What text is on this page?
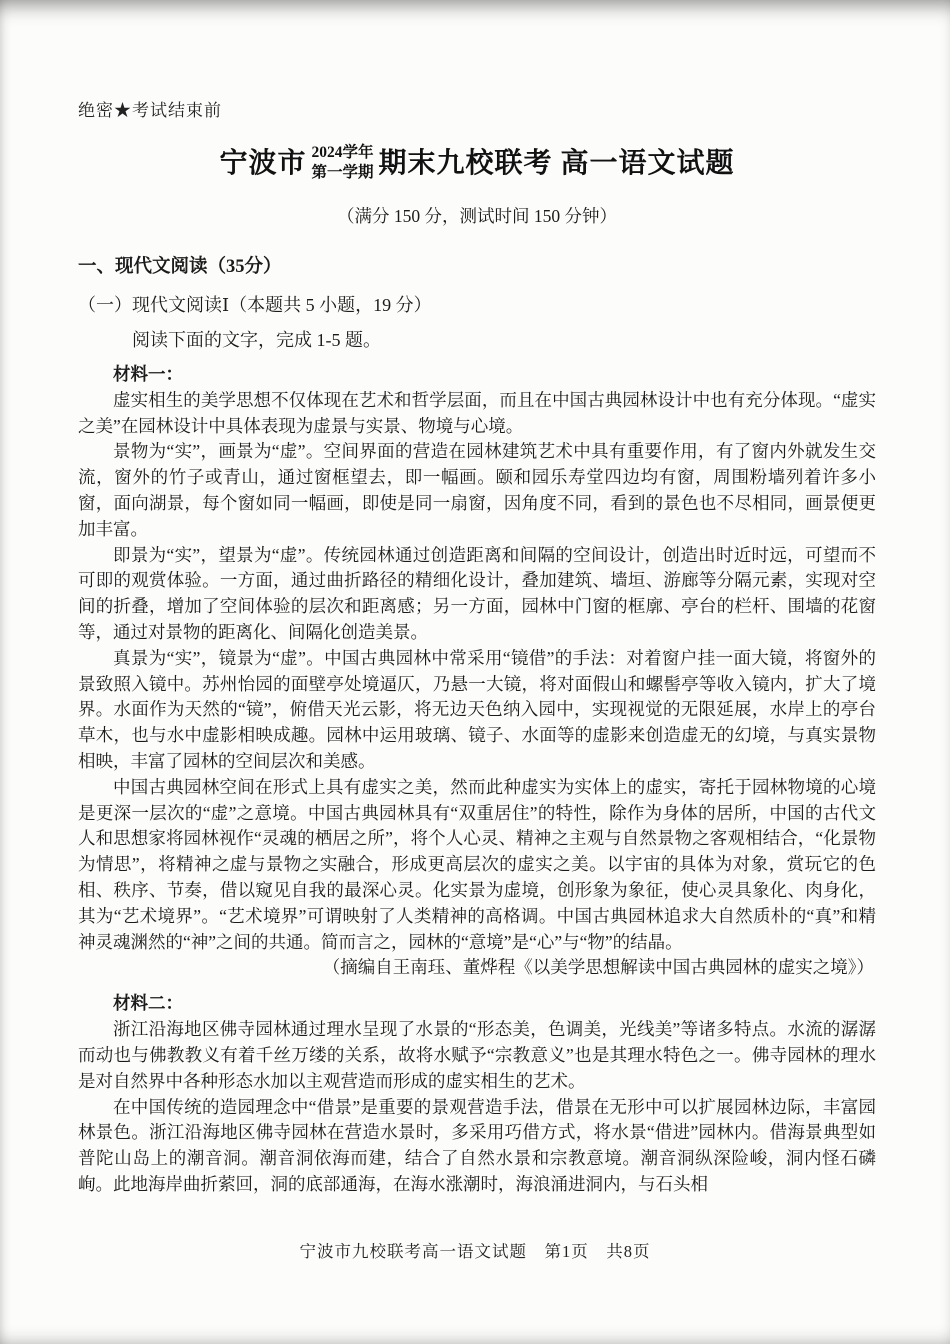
绝密★考试结束前
宁波市 2024学年
第一学期 期末九校联考 高一语文试题
（满分 150 分，测试时间 150 分钟）
一、现代文阅读（35分）
（一）现代文阅读Ⅰ（本题共 5 小题，19 分）
阅读下面的文字，完成 1-5 题。
材料一：

虚实相生的美学思想不仅体现在艺术和哲学层面，而且在中国古典园林设计中也有充分体现。“虚实之美”在园林设计中具体表现为虚景与实景、物境与心境。

景物为“实”，画景为“虚”。空间界面的营造在园林建筑艺术中具有重要作用，有了窗内外就发生交流，窗外的竹子或青山，通过窗框望去，即一幅画。颐和园乐寿堂四边均有窗，周围粉墙列着许多小窗，面向湖景，每个窗如同一幅画，即使是同一扇窗，因角度不同，看到的景色也不尽相同，画景便更加丰富。

即景为“实”，望景为“虚”。传统园林通过创造距离和间隔的空间设计，创造出时近时远，可望而不可即的观赏体验。一方面，通过曲折路径的精细化设计，叠加建筑、墙垣、游廊等分隔元素，实现对空间的折叠，增加了空间体验的层次和距离感；另一方面，园林中门窗的框廓、亭台的栏杆、围墙的花窗等，通过对景物的距离化、间隔化创造美景。

真景为“实”，镜景为“虚”。中国古典园林中常采用“镜借”的手法：对着窗户挂一面大镜，将窗外的景致照入镜中。苏州怡园的面壁亭处境逼仄，乃悬一大镜，将对面假山和螺髻亭等收入镜内，扩大了境界。水面作为天然的“镜”，俯借天光云影，将无边天色纳入园中，实现视觉的无限延展，水岸上的亭台草木，也与水中虚影相映成趣。园林中运用玻璃、镜子、水面等的虚影来创造虚无的幻境，与真实景物相映，丰富了园林的空间层次和美感。

中国古典园林空间在形式上具有虚实之美，然而此种虚实为实体上的虚实，寄托于园林物境的心境是更深一层次的“虚”之意境。中国古典园林具有“双重居住”的特性，除作为身体的居所，中国的古代文人和思想家将园林视作“灵魂的栖居之所”，将个人心灵、精神之主观与自然景物之客观相结合，“化景物为情思”，将精神之虚与景物之实融合，形成更高层次的虚实之美。以宇宙的具体为对象，赏玩它的色相、秩序、节奏，借以窥见自我的最深心灵。化实景为虚境，创形象为象征，使心灵具象化、肉身化，其为“艺术境界”。“艺术境界”可谓映射了人类精神的高格调。中国古典园林追求大自然质朴的“真”和精神灵魂渊然的“神”之间的共通。简而言之，园林的“意境”是“心”与“物”的结晶。

（摘编自王南珏、董烨程《以美学思想解读中国古典园林的虚实之境》）
材料二：

浙江沿海地区佛寺园林通过理水呈现了水景的“形态美，色调美，光线美”等诸多特点。水流的潺潺而动也与佛教教义有着千丝万缕的关系，故将水赋予“宗教意义”也是其理水特色之一。佛寺园林的理水是对自然界中各种形态水加以主观营造而形成的虚实相生的艺术。

在中国传统的造园理念中“借景”是重要的景观营造手法，借景在无形中可以扩展园林边际，丰富园林景色。浙江沿海地区佛寺园林在营造水景时，多采用巧借方式，将水景“借进”园林内。借海景典型如普陀山岛上的潮音洞。潮音洞依海而建，结合了自然水景和宗教意境。潮音洞纵深险峻，洞内怪石磷峋。此地海岸曲折萦回，洞的底部通海，在海水涨潮时，海浪涌进洞内，与石头相

宁波市九校联考高一语文试题　第1页　共8页
